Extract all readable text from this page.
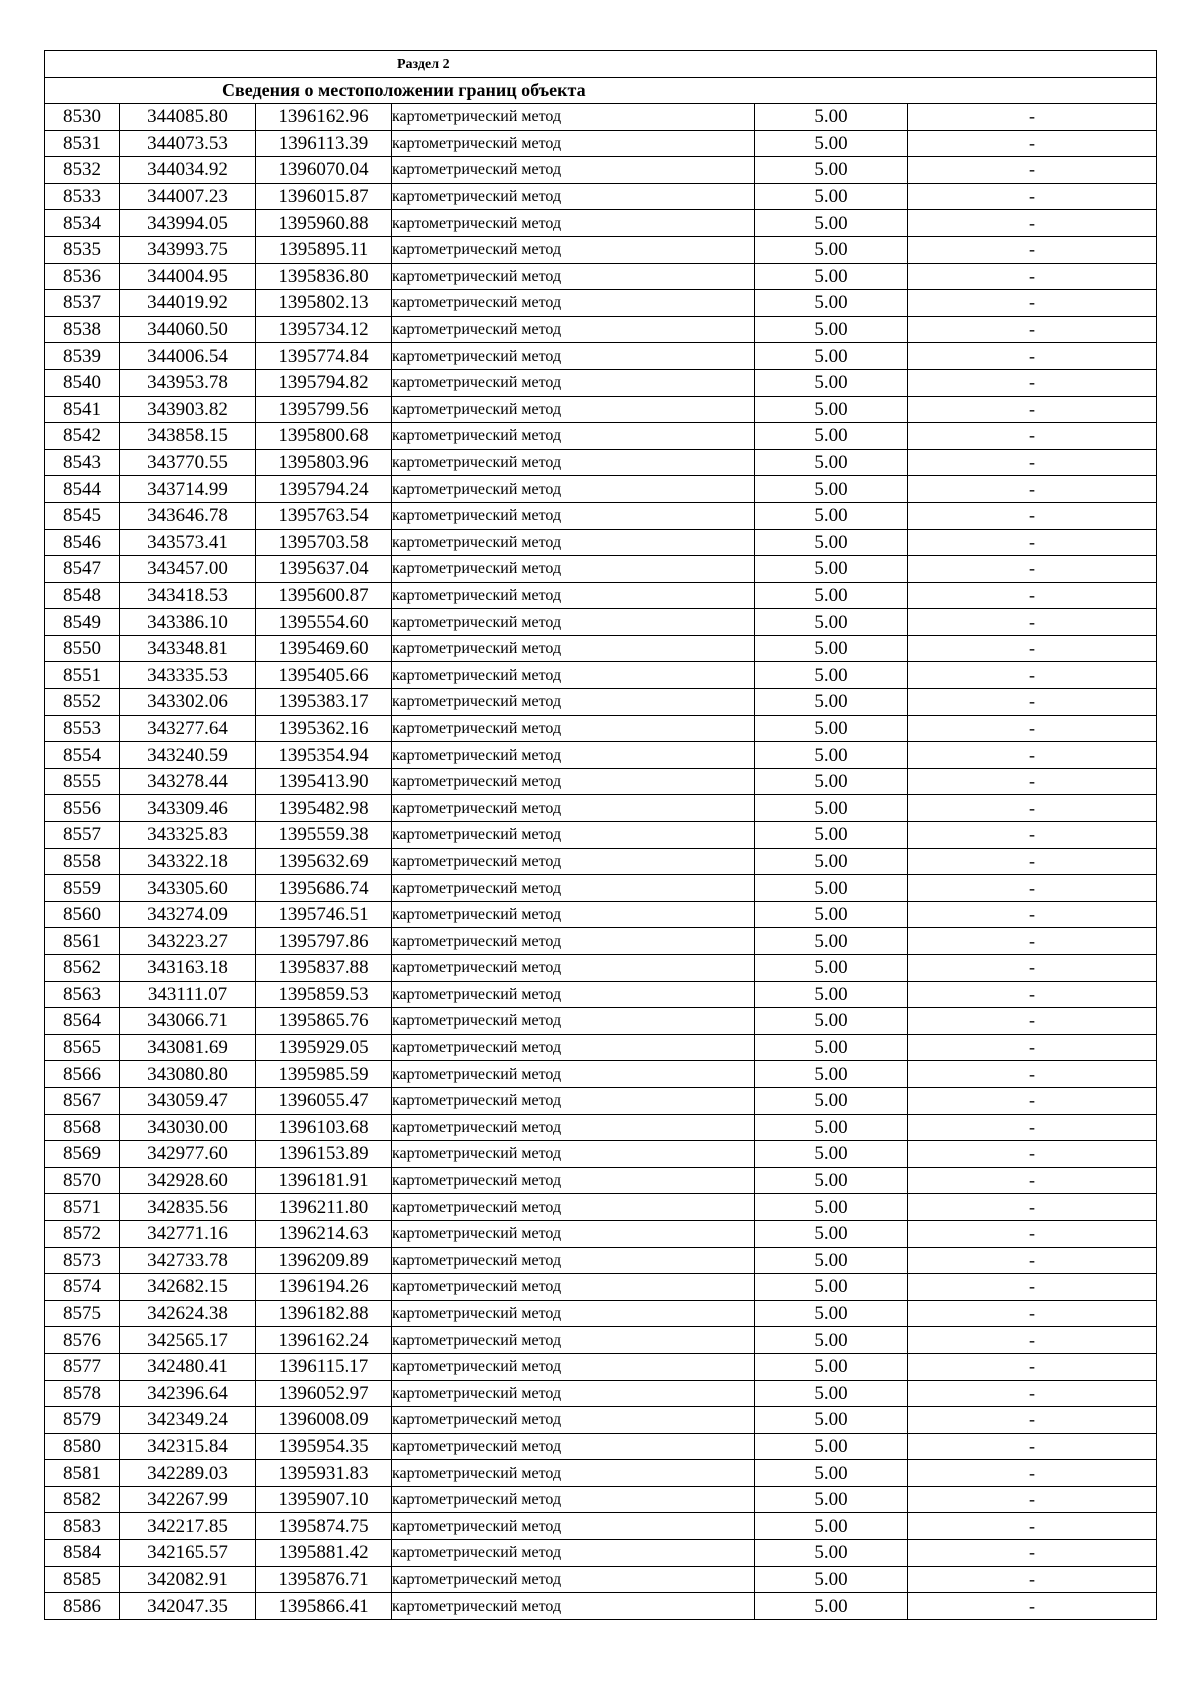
Раздел 2					
Сведения о местоположении границ объекта					
8530	344085.80	1396162.96	картометрический метод	5.00	-
8531	344073.53	1396113.39	картометрический метод	5.00	-
8532	344034.92	1396070.04	картометрический метод	5.00	-
8533	344007.23	1396015.87	картометрический метод	5.00	-
8534	343994.05	1395960.88	картометрический метод	5.00	-
8535	343993.75	1395895.11	картометрический метод	5.00	-
8536	344004.95	1395836.80	картометрический метод	5.00	-
8537	344019.92	1395802.13	картометрический метод	5.00	-
8538	344060.50	1395734.12	картометрический метод	5.00	-
8539	344006.54	1395774.84	картометрический метод	5.00	-
8540	343953.78	1395794.82	картометрический метод	5.00	-
8541	343903.82	1395799.56	картометрический метод	5.00	-
8542	343858.15	1395800.68	картометрический метод	5.00	-
8543	343770.55	1395803.96	картометрический метод	5.00	-
8544	343714.99	1395794.24	картометрический метод	5.00	-
8545	343646.78	1395763.54	картометрический метод	5.00	-
8546	343573.41	1395703.58	картометрический метод	5.00	-
8547	343457.00	1395637.04	картометрический метод	5.00	-
8548	343418.53	1395600.87	картометрический метод	5.00	-
8549	343386.10	1395554.60	картометрический метод	5.00	-
8550	343348.81	1395469.60	картометрический метод	5.00	-
8551	343335.53	1395405.66	картометрический метод	5.00	-
8552	343302.06	1395383.17	картометрический метод	5.00	-
8553	343277.64	1395362.16	картометрический метод	5.00	-
8554	343240.59	1395354.94	картометрический метод	5.00	-
8555	343278.44	1395413.90	картометрический метод	5.00	-
8556	343309.46	1395482.98	картометрический метод	5.00	-
8557	343325.83	1395559.38	картометрический метод	5.00	-
8558	343322.18	1395632.69	картометрический метод	5.00	-
8559	343305.60	1395686.74	картометрический метод	5.00	-
8560	343274.09	1395746.51	картометрический метод	5.00	-
8561	343223.27	1395797.86	картометрический метод	5.00	-
8562	343163.18	1395837.88	картометрический метод	5.00	-
8563	343111.07	1395859.53	картометрический метод	5.00	-
8564	343066.71	1395865.76	картометрический метод	5.00	-
8565	343081.69	1395929.05	картометрический метод	5.00	-
8566	343080.80	1395985.59	картометрический метод	5.00	-
8567	343059.47	1396055.47	картометрический метод	5.00	-
8568	343030.00	1396103.68	картометрический метод	5.00	-
8569	342977.60	1396153.89	картометрический метод	5.00	-
8570	342928.60	1396181.91	картометрический метод	5.00	-
8571	342835.56	1396211.80	картометрический метод	5.00	-
8572	342771.16	1396214.63	картометрический метод	5.00	-
8573	342733.78	1396209.89	картометрический метод	5.00	-
8574	342682.15	1396194.26	картометрический метод	5.00	-
8575	342624.38	1396182.88	картометрический метод	5.00	-
8576	342565.17	1396162.24	картометрический метод	5.00	-
8577	342480.41	1396115.17	картометрический метод	5.00	-
8578	342396.64	1396052.97	картометрический метод	5.00	-
8579	342349.24	1396008.09	картометрический метод	5.00	-
8580	342315.84	1395954.35	картометрический метод	5.00	-
8581	342289.03	1395931.83	картометрический метод	5.00	-
8582	342267.99	1395907.10	картометрический метод	5.00	-
8583	342217.85	1395874.75	картометрический метод	5.00	-
8584	342165.57	1395881.42	картометрический метод	5.00	-
8585	342082.91	1395876.71	картометрический метод	5.00	-
8586	342047.35	1395866.41	картометрический метод	5.00	-
